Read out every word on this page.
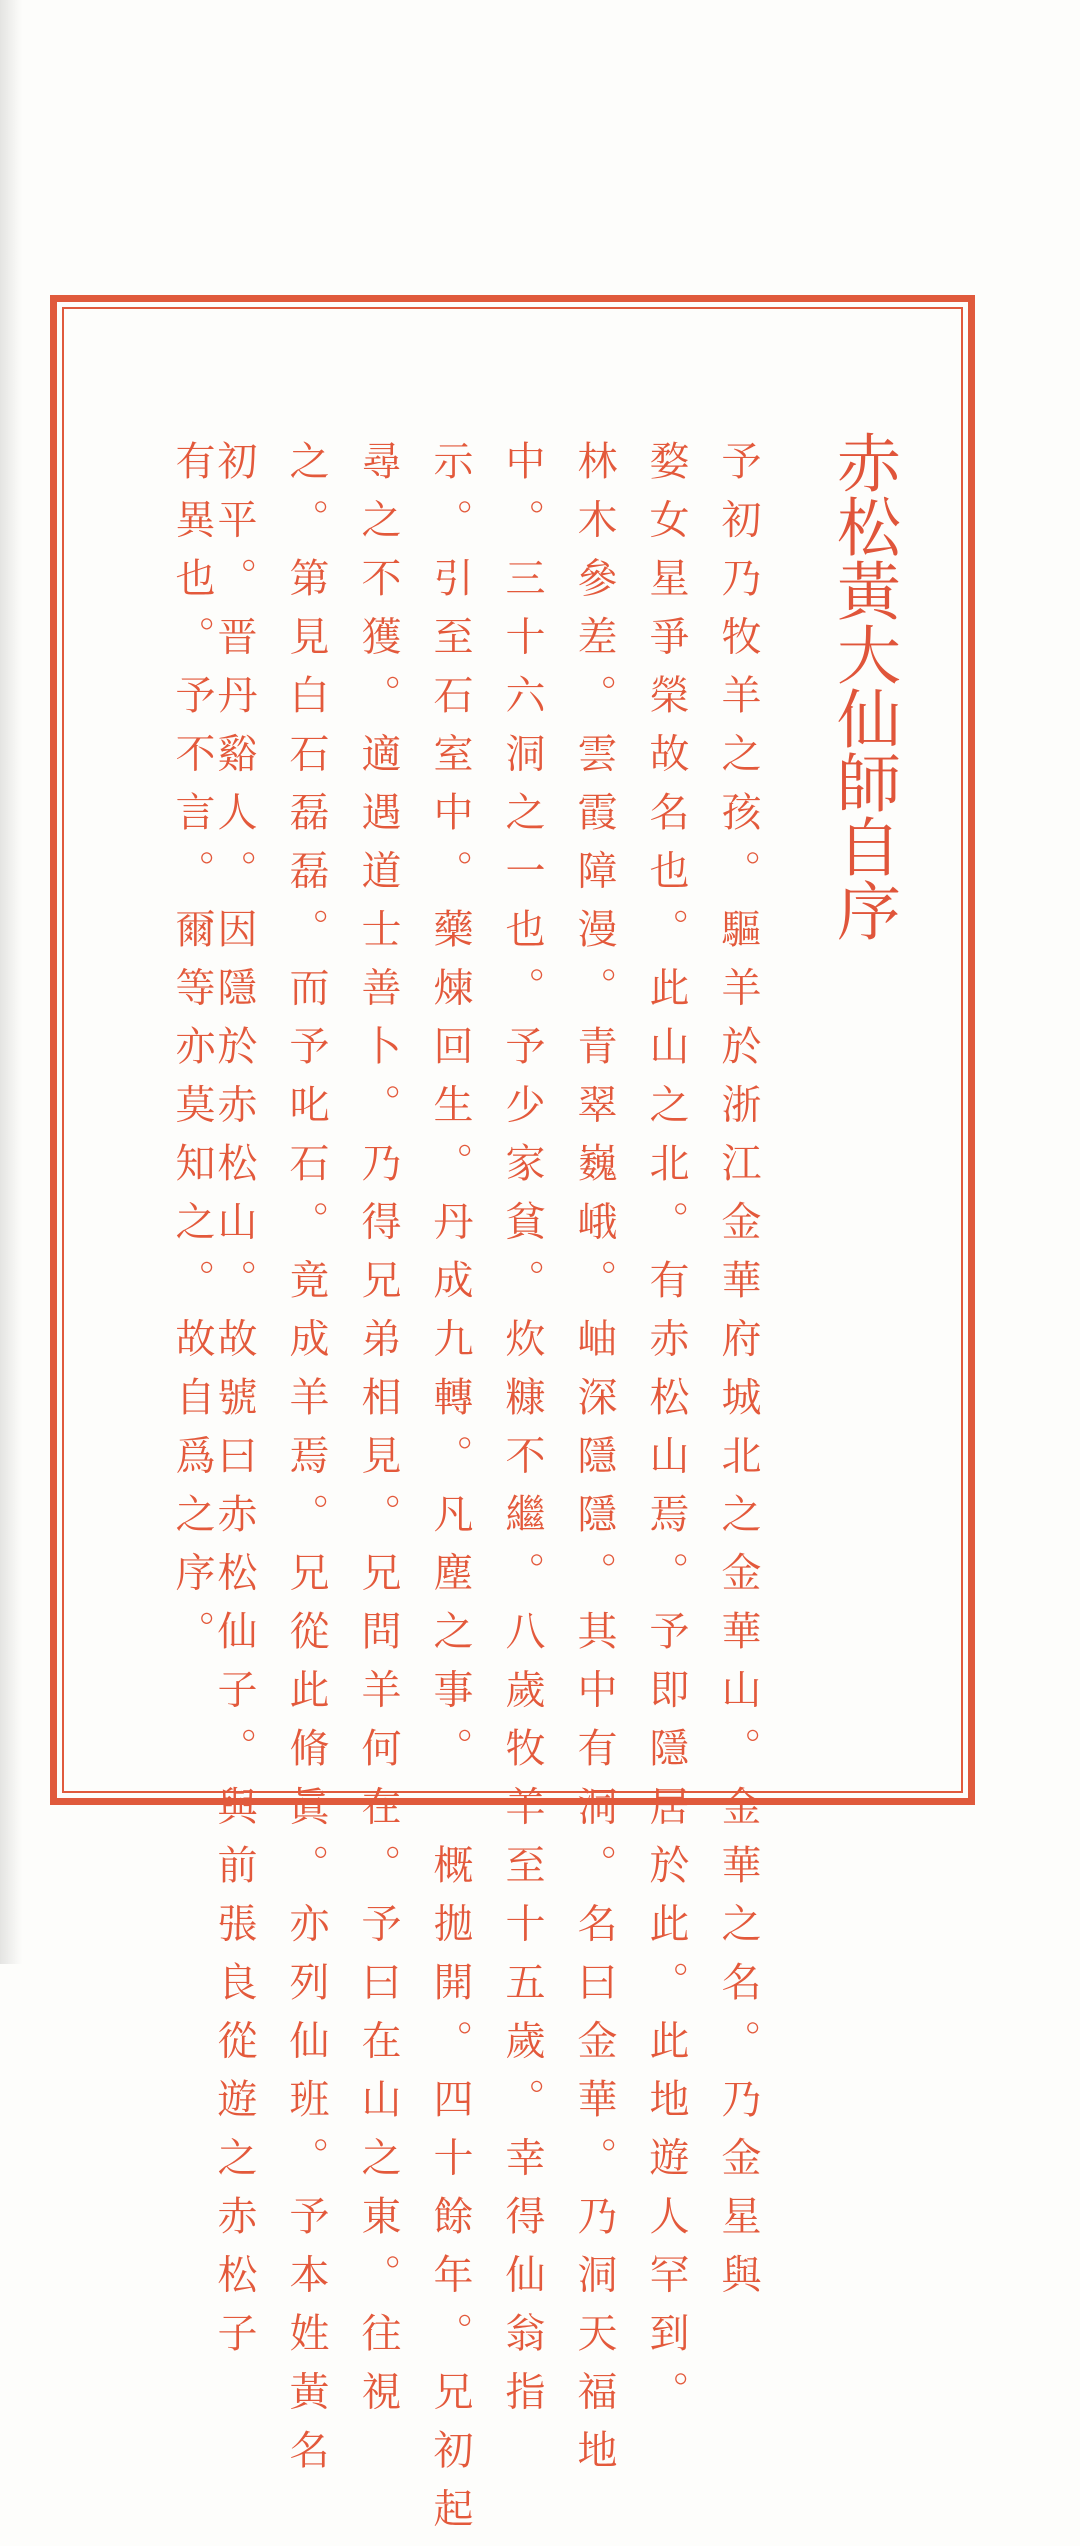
赤松黃大仙師自序
予初乃牧羊之孩。驅羊於浙江金華府城北之金華山。金華之名。乃金星與
婺女星爭榮故名也。此山之北。有赤松山焉。予即隱居於此。此地遊人罕到。
林木參差。雲霞障漫。青翠巍峨。岫深隱隱。其中有洞。名曰金華。乃洞天福地
中。三十六洞之一也。予少家貧。炊糠不繼。八歲牧羊至十五歲。幸得仙翁指
示。引至石室中。藥煉回生。丹成九轉。凡塵之事。一概拋開。四十餘年。兄初起
尋之不獲。適遇道士善卜。乃得兄弟相見。兄問羊何在。予曰在山之東。往視
之。第見白石磊磊。而予叱石。竟成羊焉。兄從此脩眞。亦列仙班。予本姓黃名
初平。晋丹谿人。因隱於赤松山。故號曰赤松仙子。與前張良從遊之赤松子
有異也。予不言。爾等亦莫知之。故自爲之序。
